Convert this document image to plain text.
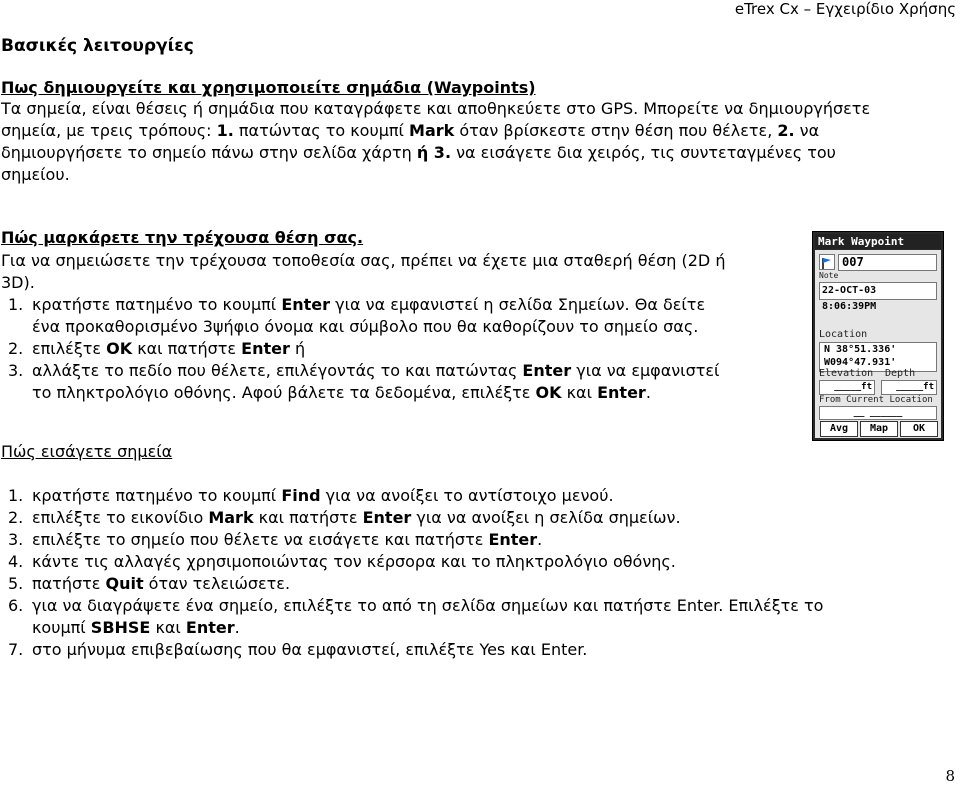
eTrex Cx – Εγχειρίδιο Χρήσης
Βασικές λειτουργίες
Πως δημιουργείτε και χρησιμοποιείτε σημάδια (Waypoints)
Τα σημεία, είναι θέσεις ή σημάδια που καταγράφετε και αποθηκεύετε στο GPS. Μπορείτε να δημιουργήσετε
σημεία, με τρεις τρόπους: 1. πατώντας το κουμπί Mark όταν βρίσκεστε στην θέση που θέλετε, 2. να
δημιουργήσετε το σημείο πάνω στην σελίδα χάρτη ή 3. να εισάγετε δια χειρός, τις συντεταγμένες του
σημείου.
Πώς μαρκάρετε την τρέχουσα θέση σας.
Για να σημειώσετε την τρέχουσα τοποθεσία σας, πρέπει να έχετε μια σταθερή θέση (2D ή
3D).
1. κρατήστε πατημένο το κουμπί Enter για να εμφανιστεί η σελίδα Σημείων. Θα δείτε
ένα προκαθορισμένο 3ψήφιο όνομα και σύμβολο που θα καθορίζουν το σημείο σας.
2. επιλέξτε OK και πατήστε Enter ή
3. αλλάξτε το πεδίο που θέλετε, επιλέγοντάς το και πατώντας Enter για να εμφανιστεί
το πληκτρολόγιο οθόνης. Αφού βάλετε τα δεδομένα, επιλέξτε OK και Enter.
Mark Waypoint
Note
007
22-OCT-03 8:06:39PM
Location
N 38°51.336'
W094°47.931'
Elevation Depth
_____ft	_____ft
From Current Location
__ ______
Avg	Map	OK
Πώς εισάγετε σημεία
1. κρατήστε πατημένο το κουμπί Find για να ανοίξει το αντίστοιχο μενού.
2. επιλέξτε το εικονίδιο Mark και πατήστε Enter για να ανοίξει η σελίδα σημείων.
3. επιλέξτε το σημείο που θέλετε να εισάγετε και πατήστε Enter.
4. κάντε τις αλλαγές χρησιμοποιώντας τον κέρσορα και το πληκτρολόγιο οθόνης.
5. πατήστε Quit όταν τελειώσετε.
6. για να διαγράψετε ένα σημείο, επιλέξτε το από τη σελίδα σημείων και πατήστε Enter. Επιλέξτε το
κουμπί SBHSE και Enter.
7. στο μήνυμα επιβεβαίωσης που θα εμφανιστεί, επιλέξτε Yes και Enter.
8
